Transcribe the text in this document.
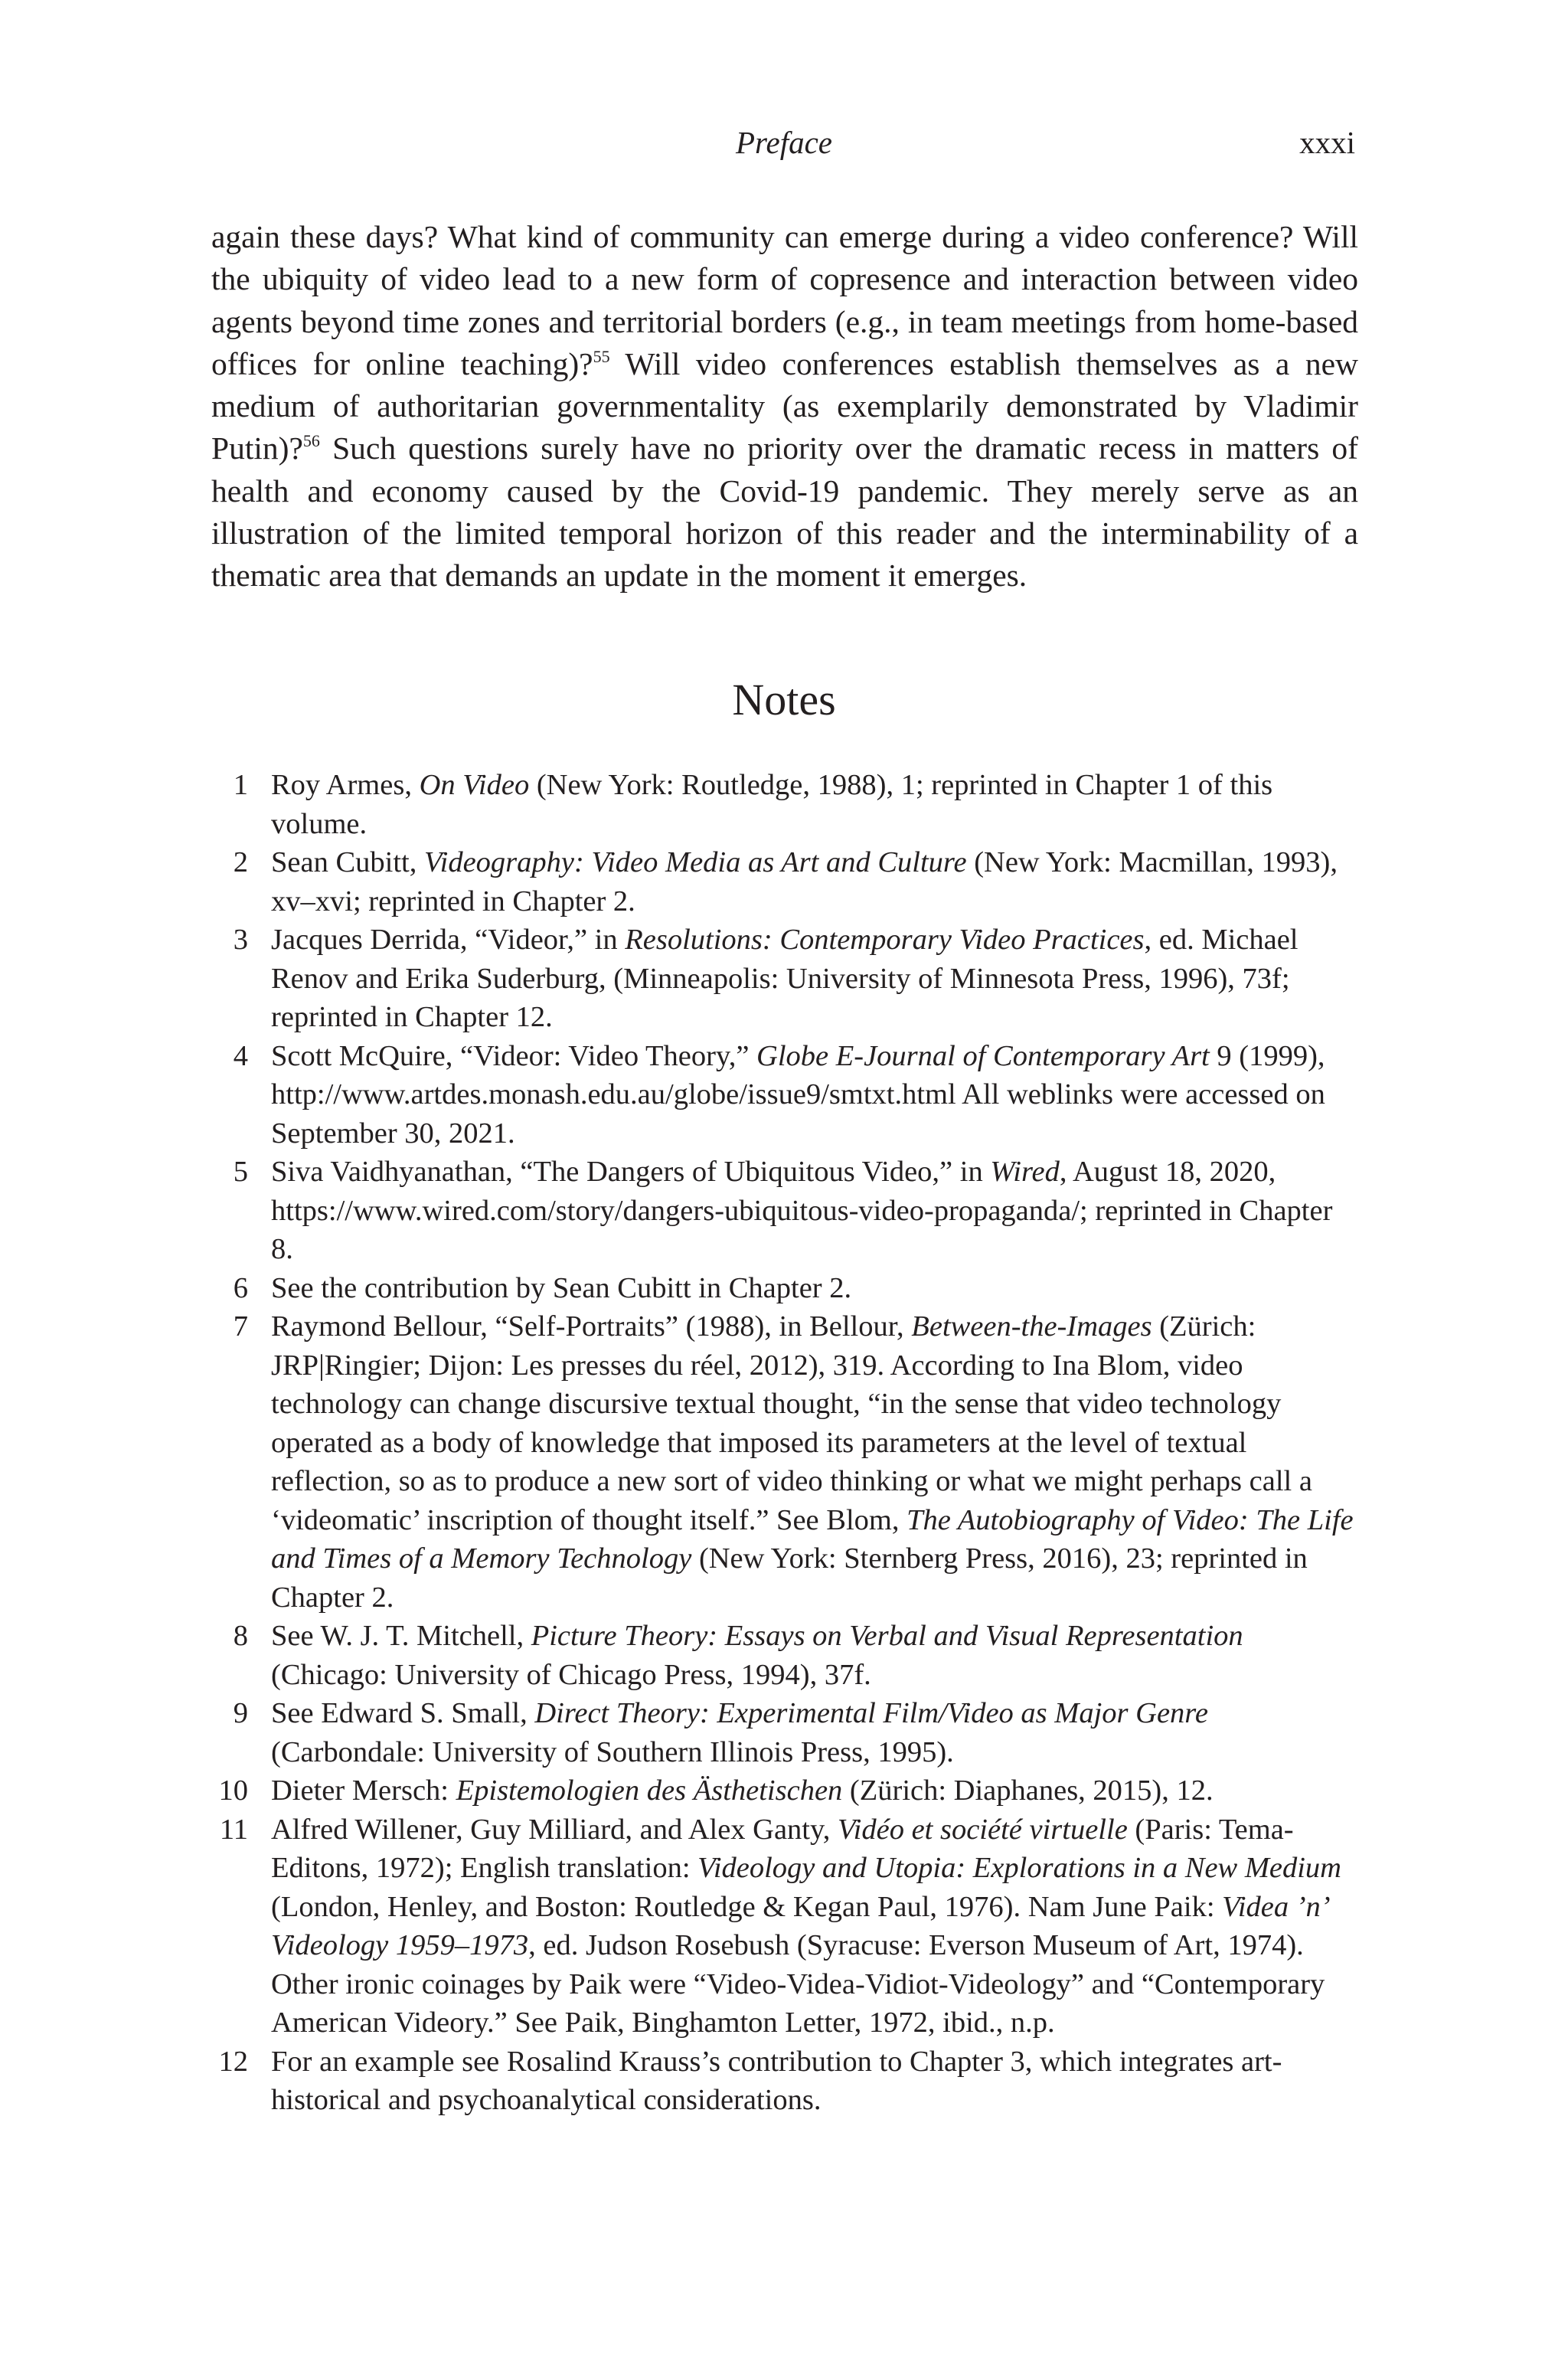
Preface	xxxi

again these days? What kind of community can emerge during a video conference? Will the ubiquity of video lead to a new form of copresence and interaction between video agents beyond time zones and territorial borders (e.g., in team meetings from home-based offices for online teaching)?$^{55}$ Will video conferences establish themselves as a new medium of authoritarian governmentality (as exemplarily demonstrated by Vladimir Putin)?$^{56}$ Such questions surely have no priority over the dramatic recess in matters of health and economy caused by the Covid-19 pandemic. They merely serve as an illustration of the limited temporal horizon of this reader and the interminability of a thematic area that demands an update in the moment it emerges.

Notes
1 Roy Armes, On Video (New York: Routledge, 1988), 1; reprinted in Chapter 1 of this volume.
2 Sean Cubitt, Videography: Video Media as Art and Culture (New York: Macmillan, 1993), xv–xvi; reprinted in Chapter 2.
3 Jacques Derrida, “Videor,” in Resolutions: Contemporary Video Practices, ed. Michael Renov and Erika Suderburg, (Minneapolis: University of Minnesota Press, 1996), 73f; reprinted in Chapter 12.
4 Scott McQuire, “Videor: Video Theory,” Globe E-Journal of Contemporary Art 9 (1999), http://www.artdes.monash.edu.au/globe/issue9/smtxt.html All weblinks were accessed on September 30, 2021.
5 Siva Vaidhyanathan, “The Dangers of Ubiquitous Video,” in Wired, August 18, 2020, https://www.wired.com/story/dangers-ubiquitous-video-propaganda/; reprinted in Chapter 8.
6 See the contribution by Sean Cubitt in Chapter 2.
7 Raymond Bellour, “Self-Portraits” (1988), in Bellour, Between-the-Images (Zürich: JRP|Ringier; Dijon: Les presses du réel, 2012), 319. According to Ina Blom, video technology can change discursive textual thought, “in the sense that video technology operated as a body of knowledge that imposed its parameters at the level of textual reflection, so as to produce a new sort of video thinking or what we might perhaps call a ‘videomatic’ inscription of thought itself.” See Blom, The Autobiography of Video: The Life and Times of a Memory Technology (New York: Sternberg Press, 2016), 23; reprinted in Chapter 2.
8 See W. J. T. Mitchell, Picture Theory: Essays on Verbal and Visual Representation (Chicago: University of Chicago Press, 1994), 37f.
9 See Edward S. Small, Direct Theory: Experimental Film/Video as Major Genre (Carbondale: University of Southern Illinois Press, 1995).
10 Dieter Mersch: Epistemologien des Ästhetischen (Zürich: Diaphanes, 2015), 12.
11 Alfred Willener, Guy Milliard, and Alex Ganty, Vidéo et société virtuelle (Paris: Tema-Editons, 1972); English translation: Videology and Utopia: Explorations in a New Medium (London, Henley, and Boston: Routledge & Kegan Paul, 1976). Nam June Paik: Videa ’n’ Videology 1959–1973, ed. Judson Rosebush (Syracuse: Everson Museum of Art, 1974). Other ironic coinages by Paik were “Video-Videa-Vidiot-Videology” and “Contemporary American Videory.” See Paik, Binghamton Letter, 1972, ibid., n.p.
12 For an example see Rosalind Krauss’s contribution to Chapter 3, which integrates art-historical and psychoanalytical considerations.
